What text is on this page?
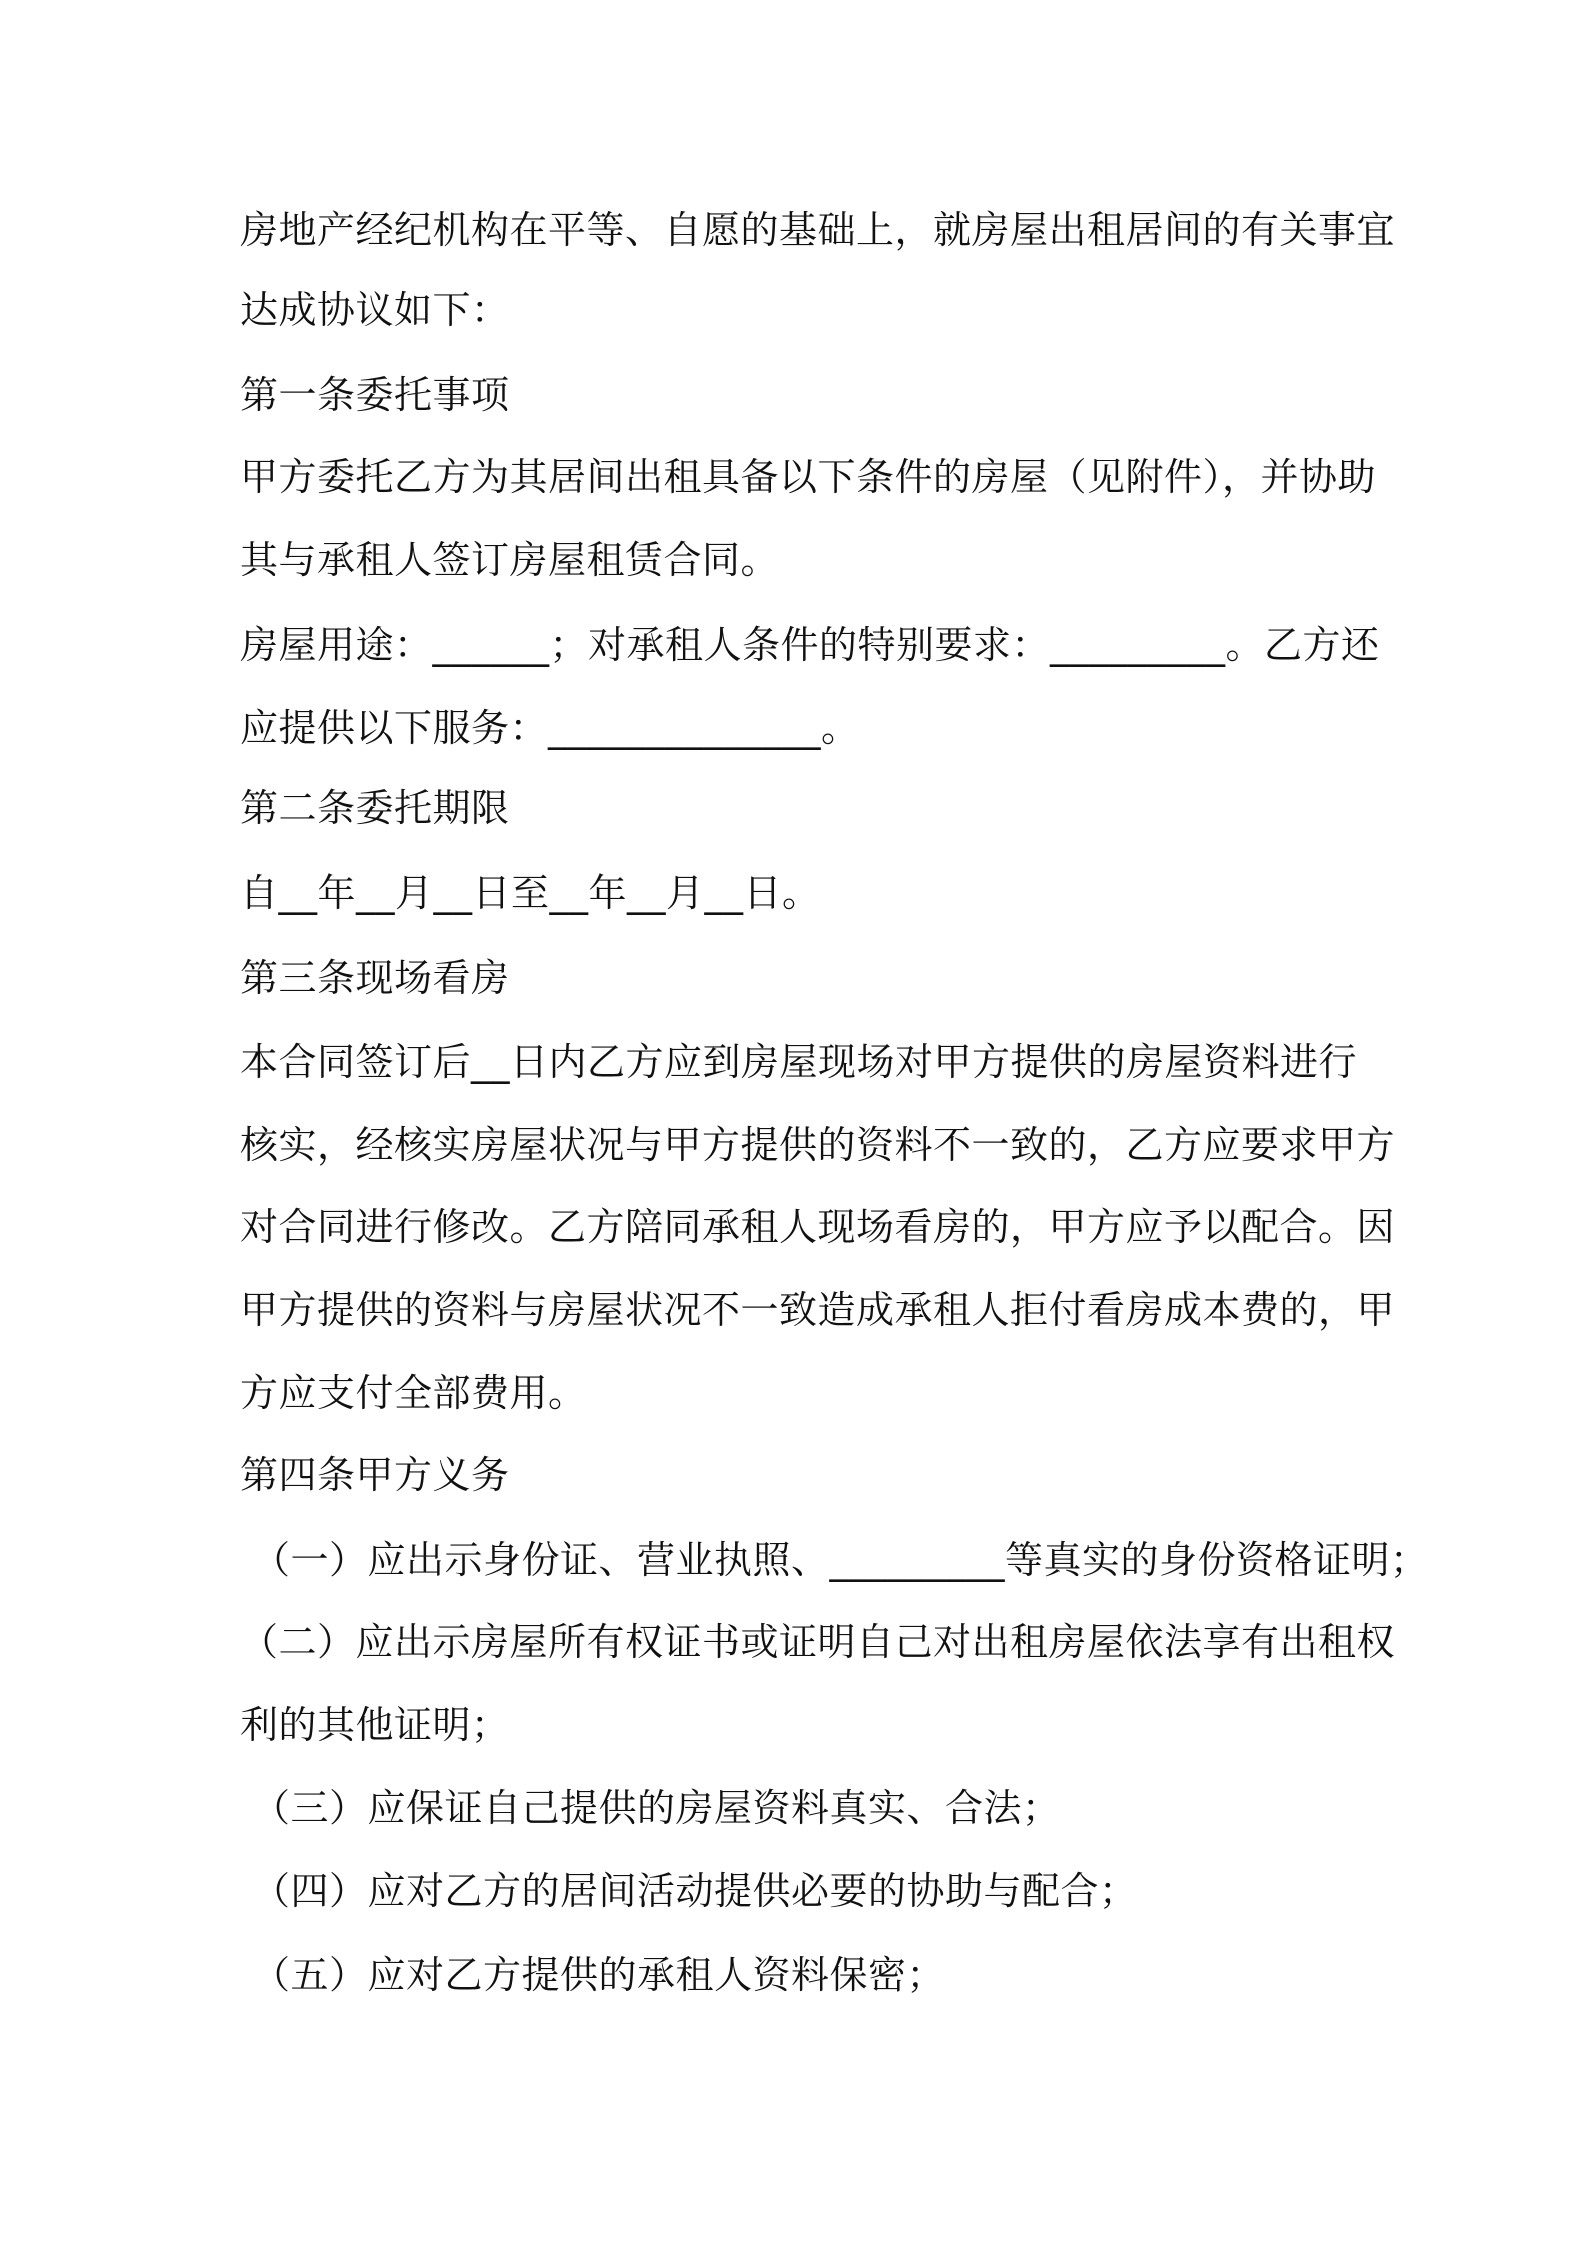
房地产经纪机构在平等、自愿的基础上，就房屋出租居间的有关事宜

达成协议如下：

第一条委托事项

甲方委托乙方为其居间出租具备以下条件的房屋（见附件），并协助

其与承租人签订房屋租赁合同。

房屋用途：______；对承租人条件的特别要求：_________。乙方还

应提供以下服务：______________。

第二条委托期限

自__年__月__日至__年__月__日。

第三条现场看房

本合同签订后__日内乙方应到房屋现场对甲方提供的房屋资料进行

核实，经核实房屋状况与甲方提供的资料不一致的，乙方应要求甲方

对合同进行修改。乙方陪同承租人现场看房的，甲方应予以配合。因

甲方提供的资料与房屋状况不一致造成承租人拒付看房成本费的，甲

方应支付全部费用。

第四条甲方义务

（一）应出示身份证、营业执照、_________等真实的身份资格证明；

（二）应出示房屋所有权证书或证明自己对出租房屋依法享有出租权

利的其他证明；

（三）应保证自己提供的房屋资料真实、合法；

（四）应对乙方的居间活动提供必要的协助与配合；

（五）应对乙方提供的承租人资料保密；
